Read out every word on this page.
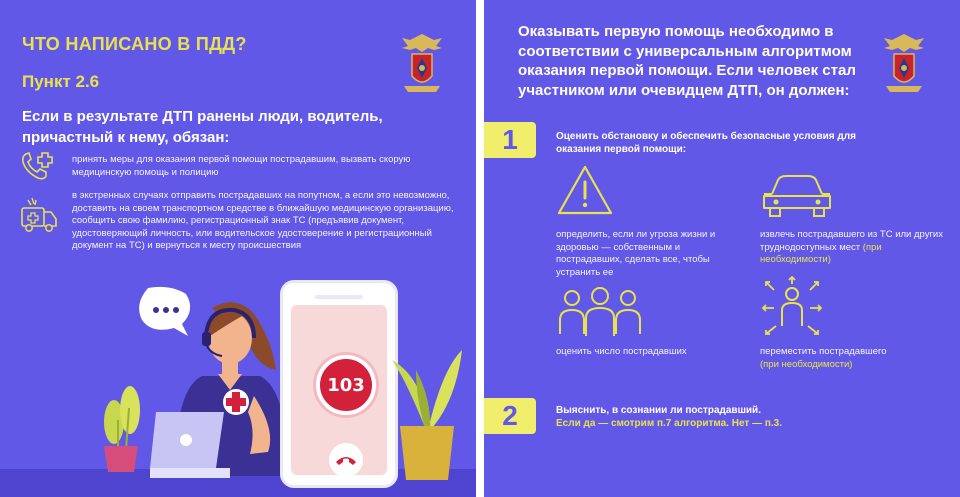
ЧТО НАПИСАНО В ПДД?
Пункт 2.6
Если в результате ДТП ранены люди, водитель, причастный к нему, обязан:
принять меры для оказания первой помощи пострадавшим, вызвать скорую медицинскую помощь и полицию
в экстренных случаях отправить пострадавших на попутном, а если это невозможно, доставить на своем транспортном средстве в ближайшую медицинскую организацию, сообщить свою фамилию, регистрационный знак ТС (предъявив документ, удостоверяющий личность, или водительское удостоверение и регистрационный документ на ТС) и вернуться к месту происшествия
103
Оказывать первую помощь необходимо в соответствии с универсальным алгоритмом оказания первой помощи. Если человек стал участником или очевидцем ДТП, он должен:
1	Оценить обстановку и обеспечить безопасные условия для оказания первой помощи:
определить, если ли угроза жизни и здоровью — собственным и пострадавших, сделать все, чтобы устранить ее
извлечь пострадавшего из ТС или других труднодоступных мест (при необходимости)
оценить число пострадавших	переместить пострадавшего
(при необходимости)
2	Выяснить, в сознании ли пострадавший.
Если да — смотрим п.7 алгоритма. Нет — п.3.
